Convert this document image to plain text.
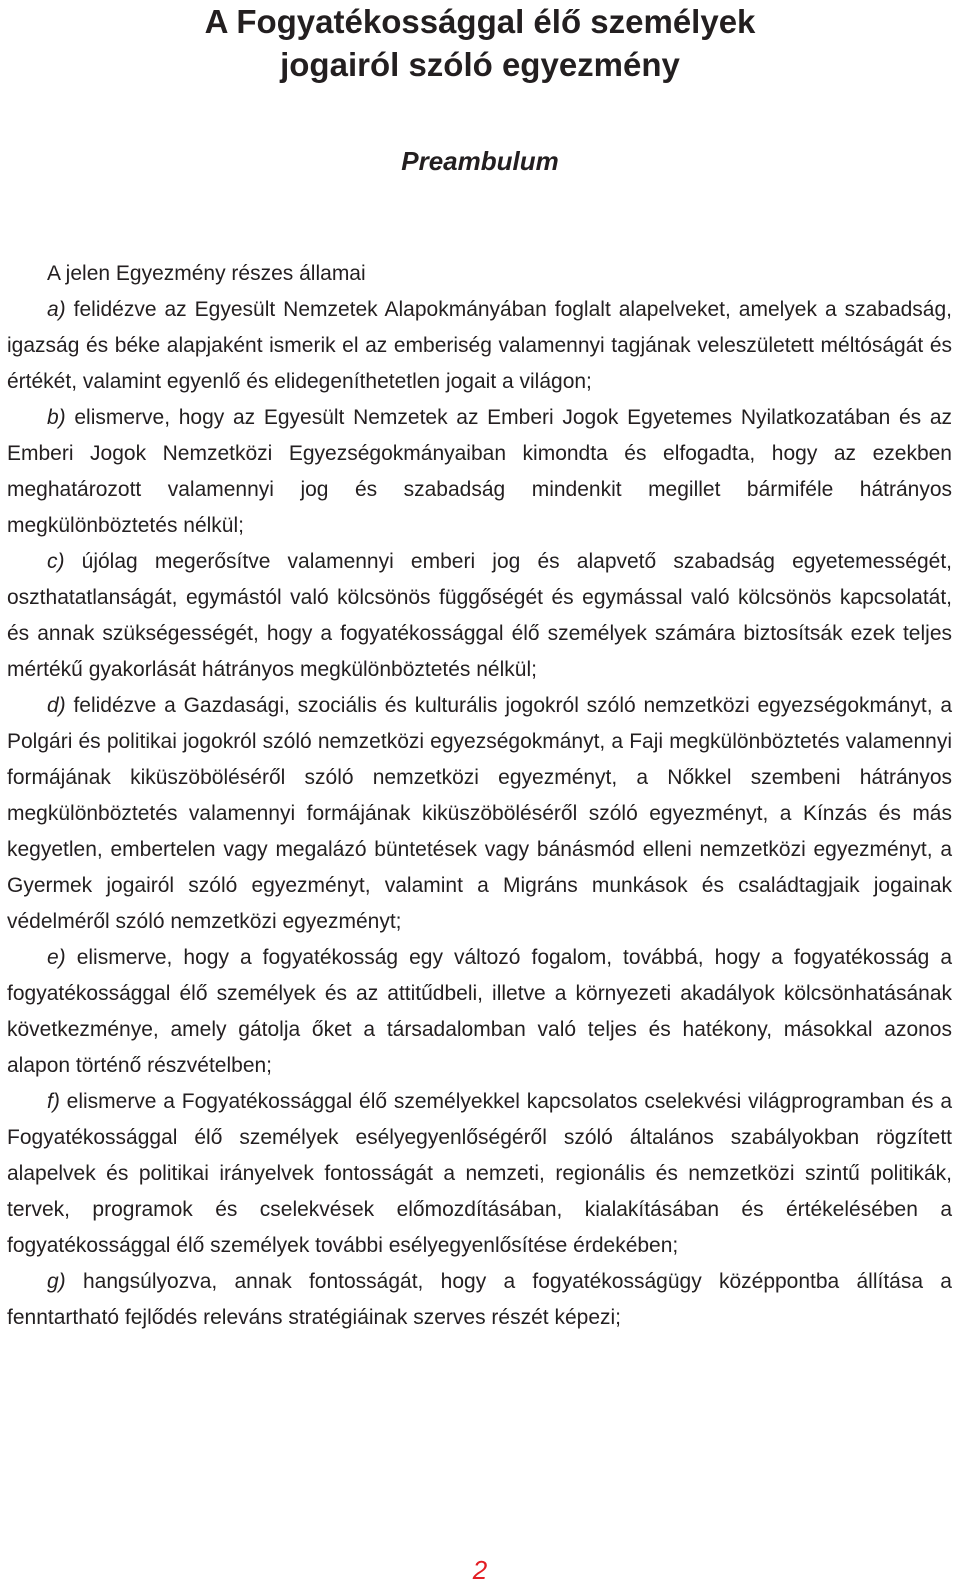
A Fogyatékossággal élő személyek
jogairól szóló egyezmény
Preambulum

A jelen Egyezmény részes államai

a) felidézve az Egyesült Nemzetek Alapokmányában foglalt alapelveket, amelyek a szabadság, igazság és béke alapjaként ismerik el az emberiség valamennyi tagjának veleszületett méltóságát és értékét, valamint egyenlő és elidegeníthetetlen jogait a világon;

b) elismerve, hogy az Egyesült Nemzetek az Emberi Jogok Egyetemes Nyilatkozatában és az Emberi Jogok Nemzetközi Egyezségokmányaiban kimondta és elfogadta, hogy az ezekben meghatározott valamennyi jog és szabadság mindenkit megillet bármiféle hátrányos megkülönböztetés nélkül;

c) újólag megerősítve valamennyi emberi jog és alapvető szabadság egyetemességét, oszthatatlanságát, egymástól való kölcsönös függőségét és egymással való kölcsönös kapcsolatát, és annak szükségességét, hogy a fogyatékossággal élő személyek számára biztosítsák ezek teljes mértékű gyakorlását hátrányos megkülönböztetés nélkül;

d) felidézve a Gazdasági, szociális és kulturális jogokról szóló nemzetközi egyezségokmányt, a Polgári és politikai jogokról szóló nemzetközi egyezségokmányt, a Faji megkülönböztetés valamennyi formájának kiküszöböléséről szóló nemzetközi egyezményt, a Nőkkel szembeni hátrányos megkülönböztetés valamennyi formájának kiküszöböléséről szóló egyezményt, a Kínzás és más kegyetlen, embertelen vagy megalázó büntetések vagy bánásmód elleni nemzetközi egyezményt, a Gyermek jogairól szóló egyezményt, valamint a Migráns munkások és családtagjaik jogainak védelméről szóló nemzetközi egyezményt;

e) elismerve, hogy a fogyatékosság egy változó fogalom, továbbá, hogy a fogyatékosság a fogyatékossággal élő személyek és az attitűdbeli, illetve a környezeti akadályok kölcsönhatásának következménye, amely gátolja őket a társadalomban való teljes és hatékony, másokkal azonos alapon történő részvételben;

f) elismerve a Fogyatékossággal élő személyekkel kapcsolatos cselekvési világprogramban és a Fogyatékossággal élő személyek esélyegyenlőségéről szóló általános szabályokban rögzített alapelvek és politikai irányelvek fontosságát a nemzeti, regionális és nemzetközi szintű politikák, tervek, programok és cselekvések előmozdításában, kialakításában és értékelésében a fogyatékossággal élő személyek további esélyegyenlősítése érdekében;

g) hangsúlyozva, annak fontosságát, hogy a fogyatékosságügy középpontba állítása a fenntartható fejlődés releváns stratégiáinak szerves részét képezi;

2
